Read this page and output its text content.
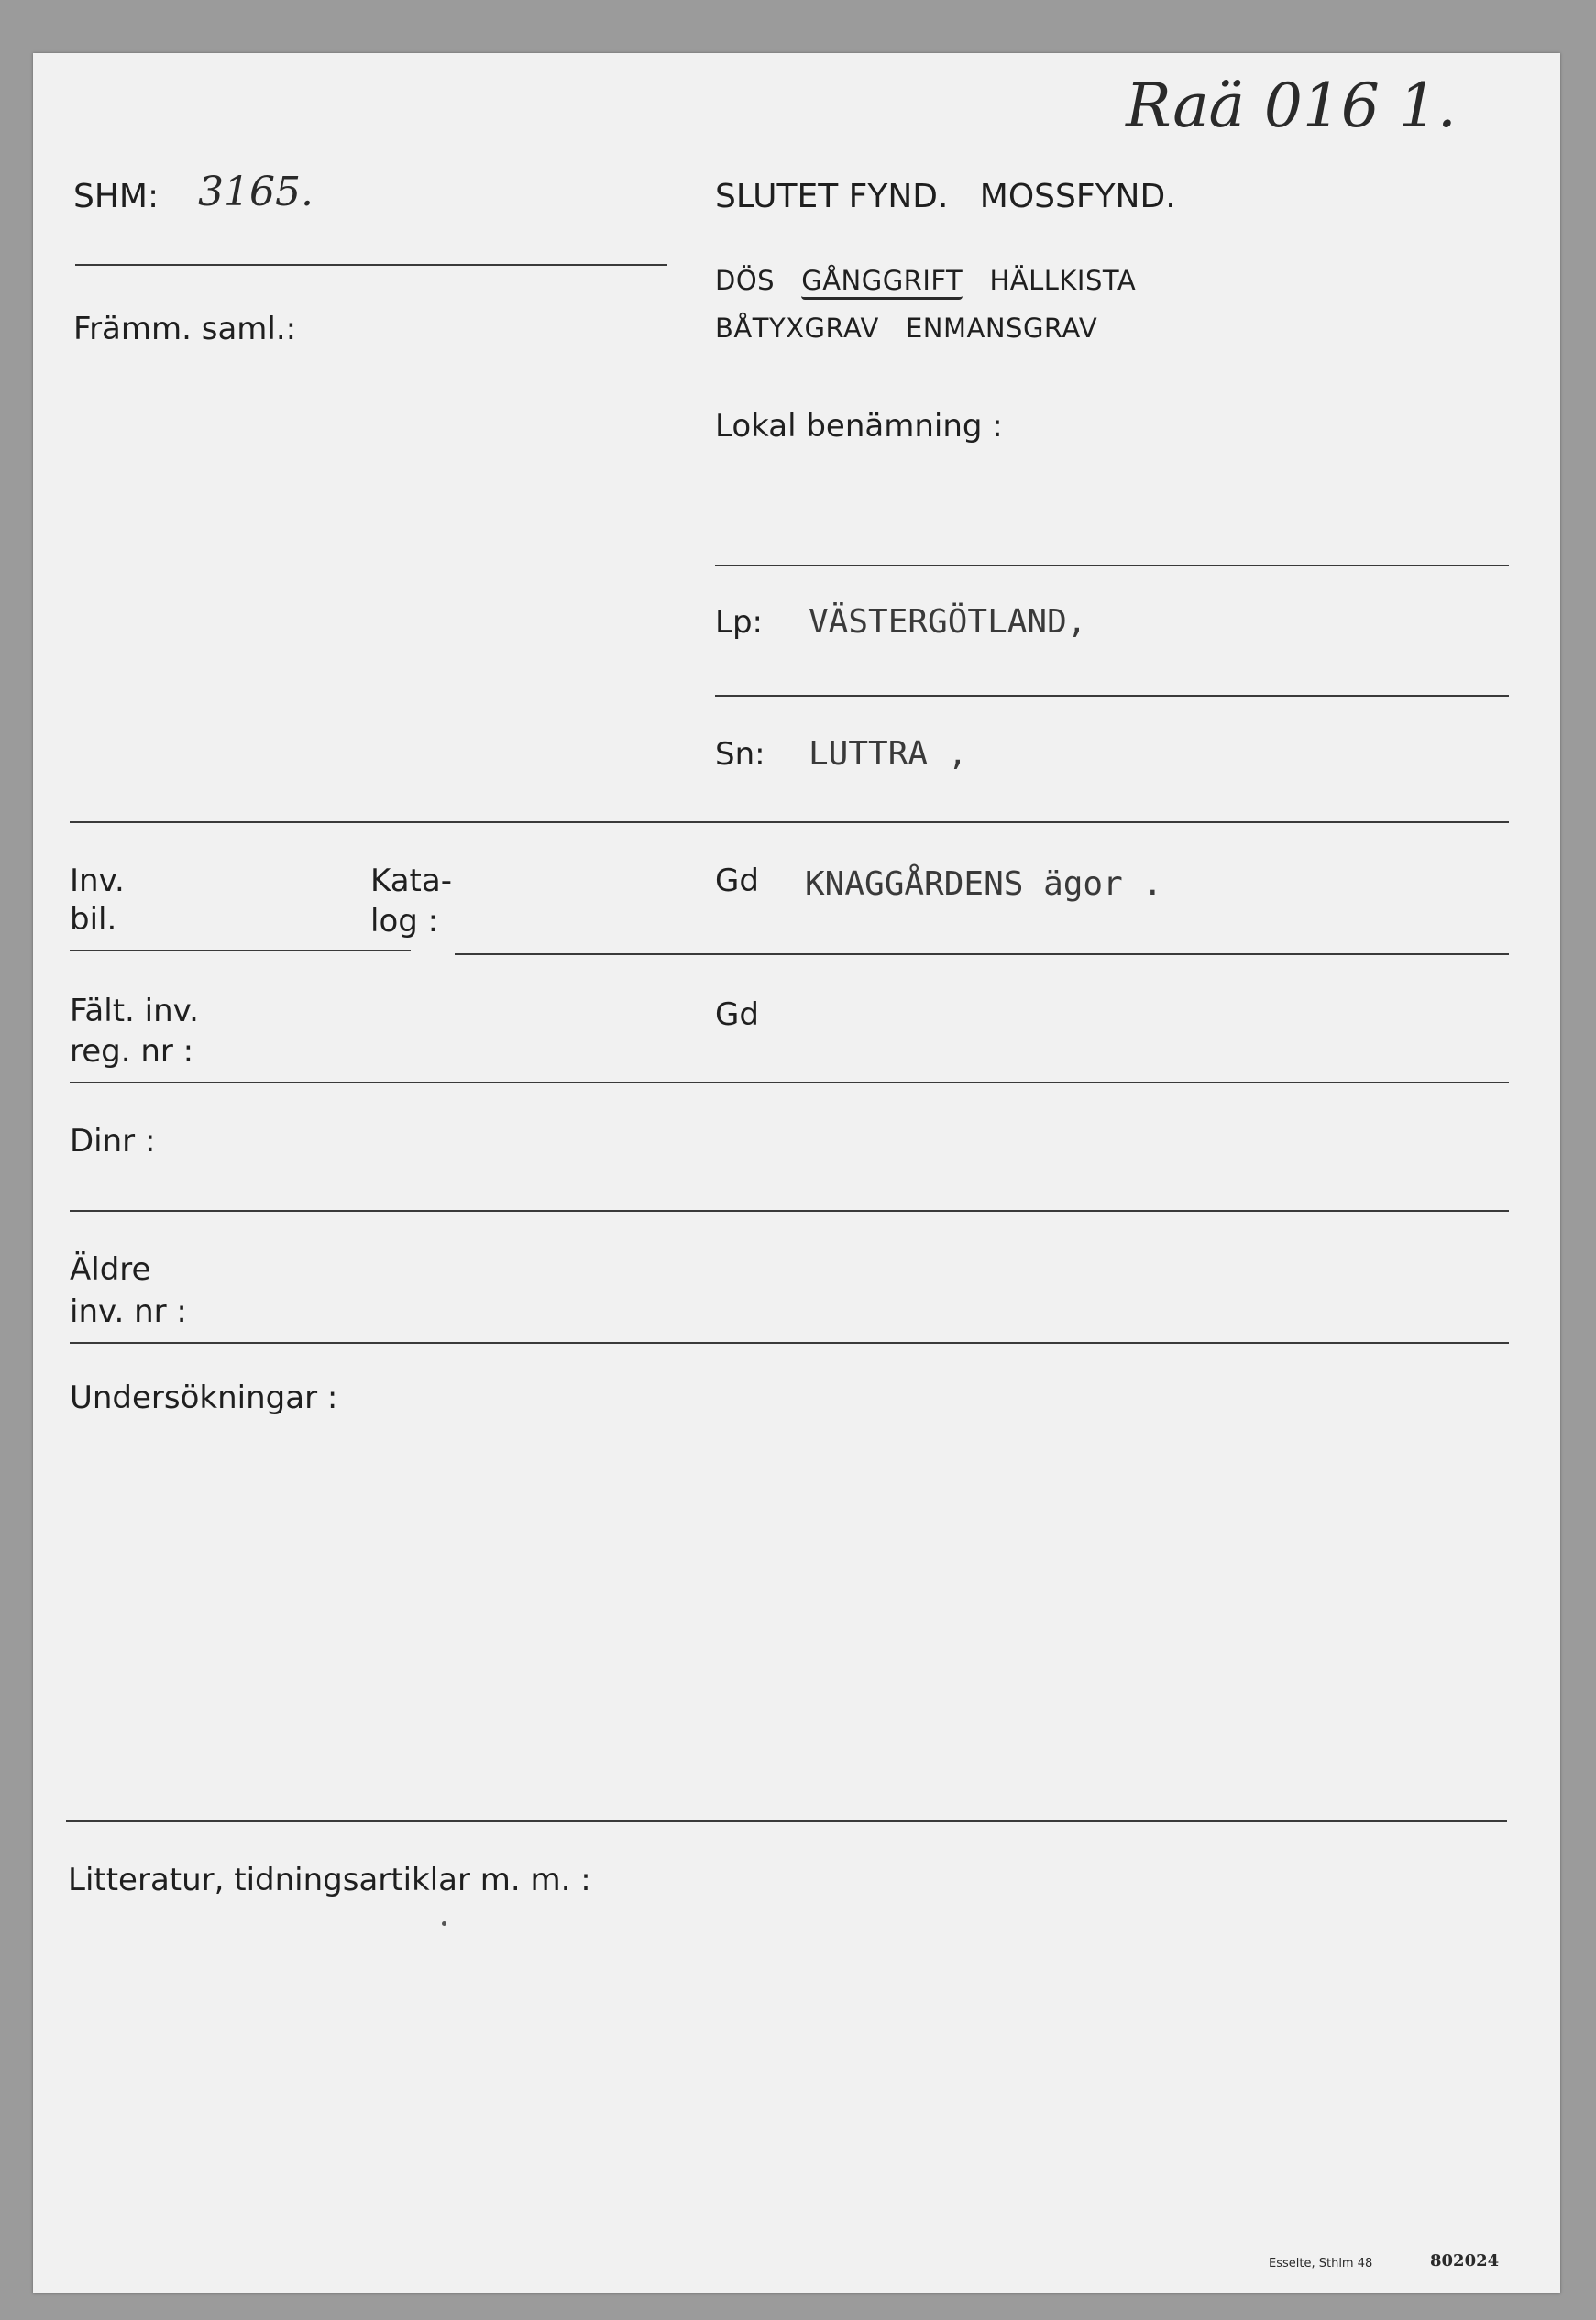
Raä 016 1.
SHM: 3165.	SLUTET FYND.   MOSSFYND.
DÖS GÅNGGRIFT HÄLLKISTA
BÅTYXGRAV ENMANSGRAV
Främm. saml.:
Lokal benämning :
Lp: VÄSTERGÖTLAND,
Sn: LUTTRA ,
Inv.
bil.
Kata-
log :
Gd KNAGGÅRDENS ägor .
Fält. inv.
reg. nr :
Gd
Dinr :
Äldre
inv. nr :
Undersökningar :
Litteratur, tidningsartiklar m. m. :
Esselte, Sthlm 48	802024
